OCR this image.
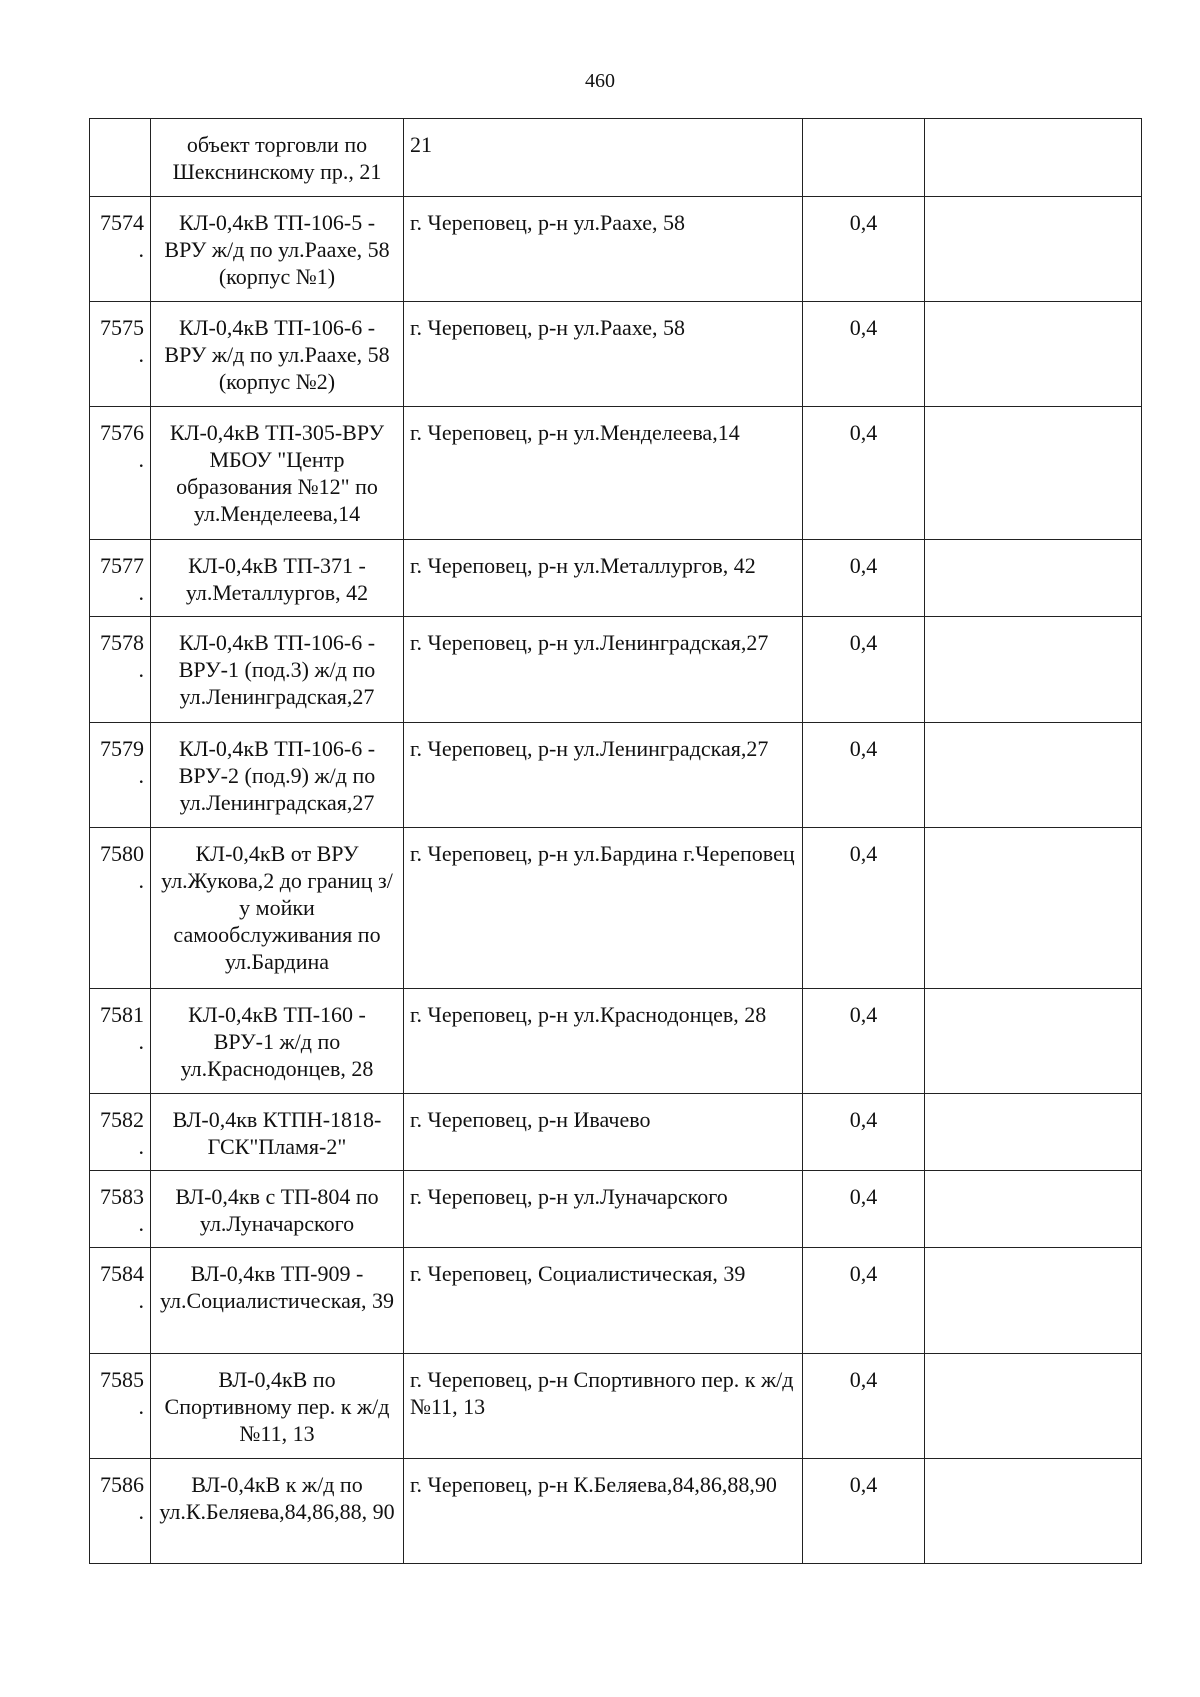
460
	объект торговли по Шекснинскому пр., 21	21		
7574.	КЛ-0,4кВ ТП-106-5 - ВРУ ж/д по ул.Раахе, 58 (корпус №1)	г. Череповец, р-н ул.Раахе, 58	0,4	
7575.	КЛ-0,4кВ ТП-106-6 - ВРУ ж/д по ул.Раахе, 58 (корпус №2)	г. Череповец, р-н ул.Раахе, 58	0,4	
7576.	КЛ-0,4кВ ТП-305-ВРУ МБОУ "Центр образования №12" по ул.Менделеева,14	г. Череповец, р-н ул.Менделеева,14	0,4	
7577.	КЛ-0,4кВ ТП-371 - ул.Металлургов, 42	г. Череповец, р-н ул.Металлургов, 42	0,4	
7578.	КЛ-0,4кВ ТП-106-6 - ВРУ-1 (под.3) ж/д по ул.Ленинградская,27	г. Череповец, р-н ул.Ленинградская,27	0,4	
7579.	КЛ-0,4кВ ТП-106-6 - ВРУ-2 (под.9) ж/д по ул.Ленинградская,27	г. Череповец, р-н ул.Ленинградская,27	0,4	
7580.	КЛ-0,4кВ от ВРУ ул.Жукова,2 до границ з/у мойки самообслуживания по ул.Бардина	г. Череповец, р-н ул.Бардина г.Череповец	0,4	
7581.	КЛ-0,4кВ ТП-160 - ВРУ-1 ж/д по ул.Краснодонцев, 28	г. Череповец, р-н ул.Краснодонцев, 28	0,4	
7582.	ВЛ-0,4кв КТПН-1818-ГСК"Пламя-2"	г. Череповец, р-н Ивачево	0,4	
7583.	ВЛ-0,4кв с ТП-804 по ул.Луначарского	г. Череповец, р-н ул.Луначарского	0,4	
7584.	ВЛ-0,4кв ТП-909 - ул.Социалистическая, 39	г. Череповец, Социалистическая, 39	0,4	
7585.	ВЛ-0,4кВ по Спортивному пер. к ж/д №11, 13	г. Череповец, р-н Спортивного пер. к ж/д №11, 13	0,4	
7586.	ВЛ-0,4кВ к ж/д по ул.К.Беляева,84,86,88, 90	г. Череповец, р-н К.Беляева,84,86,88,90	0,4	
